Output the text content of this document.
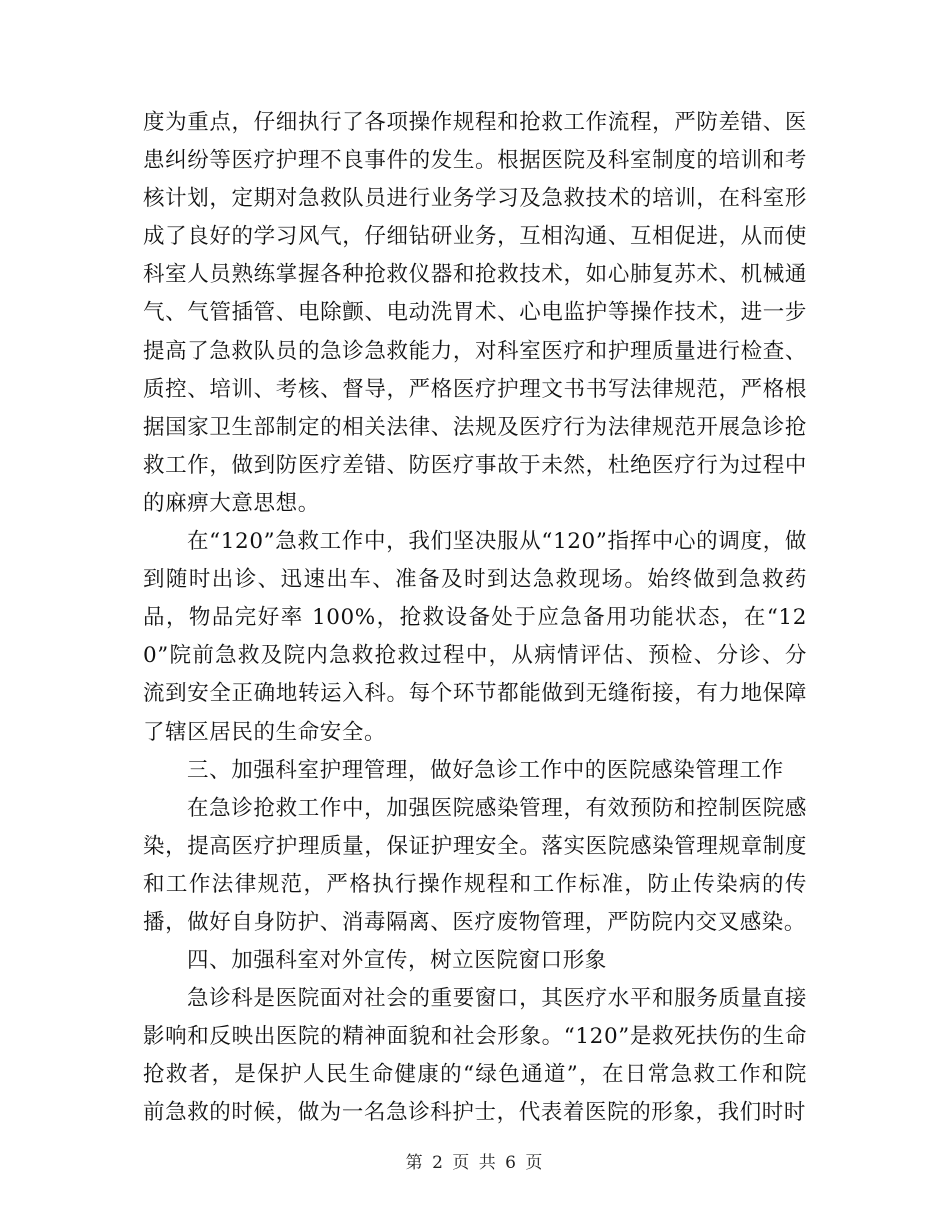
度为重点，仔细执行了各项操作规程和抢救工作流程，严防差错、医患纠纷等医疗护理不良事件的发生。根据医院及科室制度的培训和考核计划，定期对急救队员进行业务学习及急救技术的培训，在科室形成了良好的学习风气，仔细钻研业务，互相沟通、互相促进，从而使科室人员熟练掌握各种抢救仪器和抢救技术，如心肺复苏术、机械通气、气管插管、电除颤、电动洗胃术、心电监护等操作技术，进一步提高了急救队员的急诊急救能力，对科室医疗和护理质量进行检查、质控、培训、考核、督导，严格医疗护理文书书写法律规范，严格根据国家卫生部制定的相关法律、法规及医疗行为法律规范开展急诊抢救工作，做到防医疗差错、防医疗事故于未然，杜绝医疗行为过程中的麻痹大意思想。

在“120”急救工作中，我们坚决服从“120”指挥中心的调度，做到随时出诊、迅速出车、准备及时到达急救现场。始终做到急救药品，物品完好率 100%，抢救设备处于应急备用功能状态，在“120”院前急救及院内急救抢救过程中，从病情评估、预检、分诊、分流到安全正确地转运入科。每个环节都能做到无缝衔接，有力地保障了辖区居民的生命安全。

三、加强科室护理管理，做好急诊工作中的医院感染管理工作

在急诊抢救工作中，加强医院感染管理，有效预防和控制医院感染，提高医疗护理质量，保证护理安全。落实医院感染管理规章制度和工作法律规范，严格执行操作规程和工作标准，防止传染病的传播，做好自身防护、消毒隔离、医疗废物管理，严防院内交叉感染。

四、加强科室对外宣传，树立医院窗口形象

急诊科是医院面对社会的重要窗口，其医疗水平和服务质量直接影响和反映出医院的精神面貌和社会形象。“120”是救死扶伤的生命抢救者，是保护人民生命健康的“绿色通道”，在日常急救工作和院前急救的时候，做为一名急诊科护士，代表着医院的形象，我们时时

第 2 页 共 6 页
